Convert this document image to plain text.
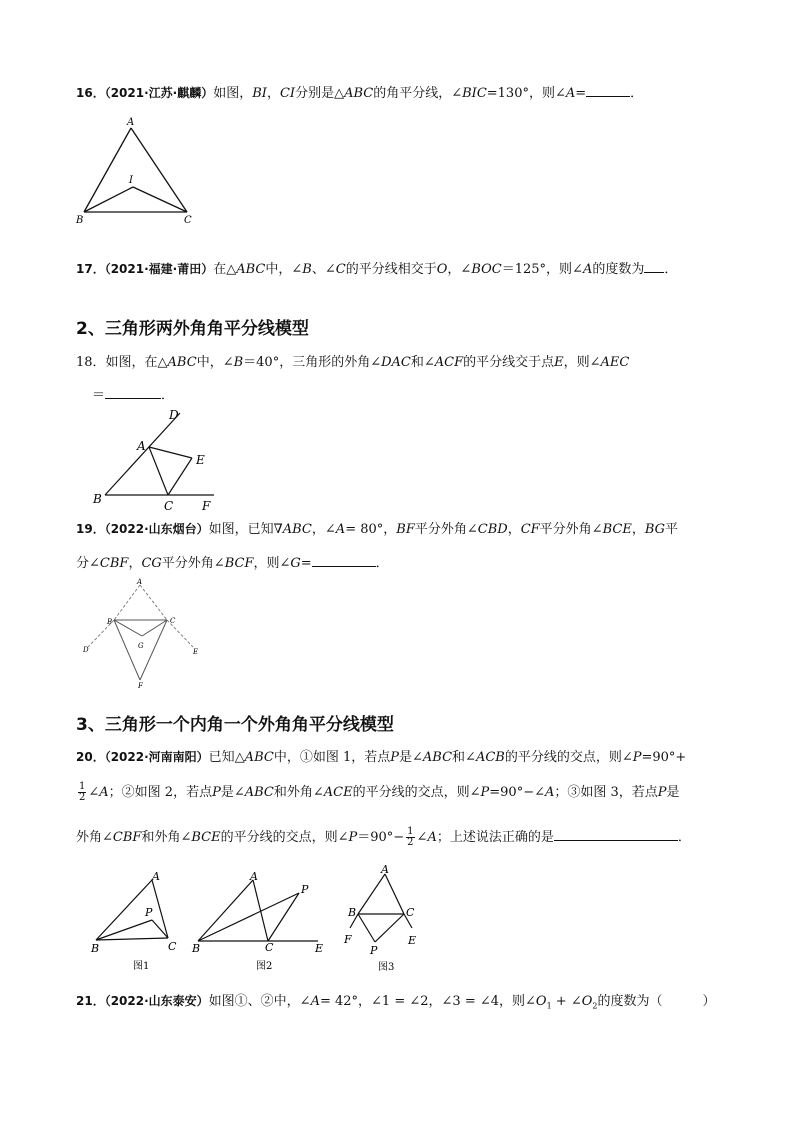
16．（2021·江苏·麒麟）如图，BI，CI分别是△ABC的角平分线，∠BIC=130°，则∠A=	．
A
I
B	C
17．（2021·福建·莆田）在△ABC中，∠B、∠C的平分线相交于O，∠BOC＝125°，则∠A的度数为 ．
2、三角形两外角角平分线模型
18．如图，在△ABC中，∠B＝40°，三角形的外角∠DAC和∠ACF的平分线交于点E，则∠AEC
＝	．
D
A
E
B	C F
19．（2022·山东烟台）如图，已知∇ABC，∠A= 80°，BF平分外角∠CBD，CF平分外角∠BCE，BG平
分∠CBF，CG平分外角∠BCF，则∠G=	．
A
B	C
G
D	E
F
3、三角形一个内角一个外角角平分线模型
20．（2022·河南南阳）已知△ABC中，①如图 1，若点P是∠ABC和∠ACB的平分线的交点，则∠P=90°+
$\frac{1}{2}$ ∠A；②如图 2，若点P是∠ABC和外角∠ACE的平分线的交点，则∠P=90°−∠A；③如图 3，若点P是
外角∠CBF和外角∠BCE的平分线的交点，则∠P＝90°− $\frac{1}{2}$ ∠A；上述说法正确的是	．
A
P
B	C
图1
A
P
B	C	E
图2
A
B	C
F
P
E
图3
21．（2022·山东泰安）如图①、②中，∠A= 42°，∠1 = ∠2，∠3 = ∠4，则$\angle O_1$ + $\angle O_2$的度数为（	）
